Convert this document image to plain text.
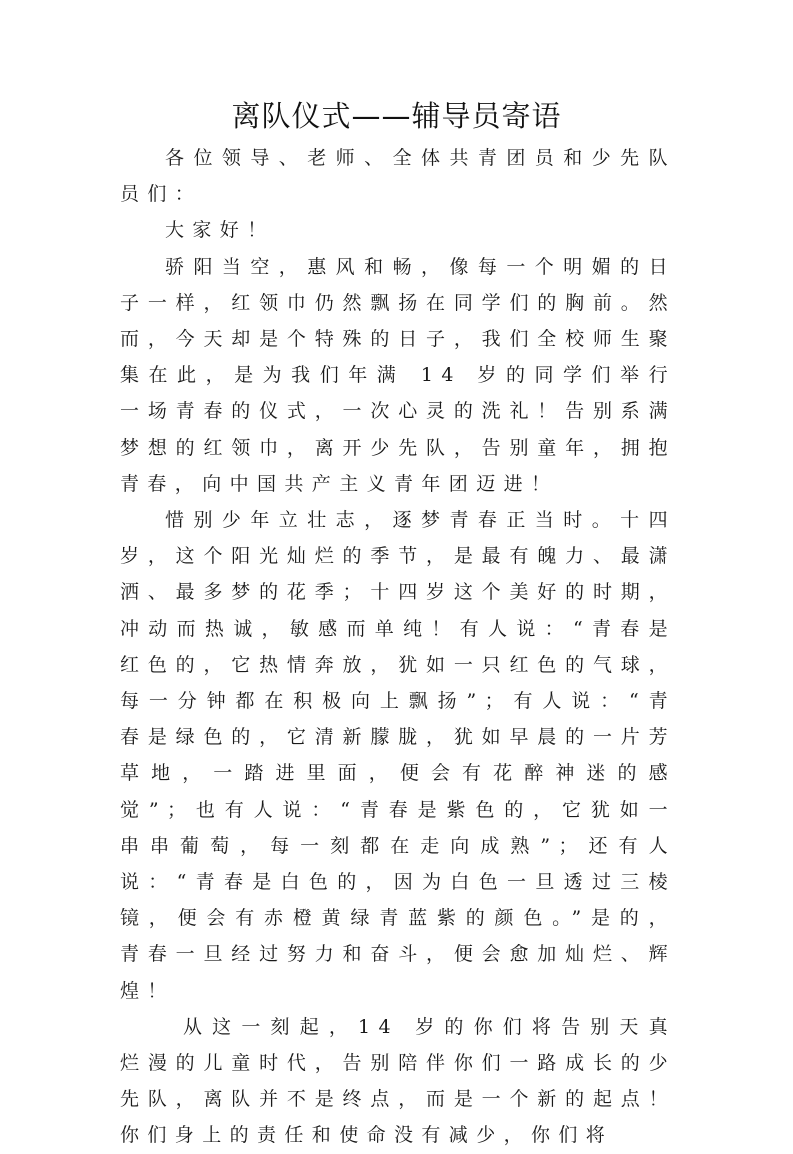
离队仪式——辅导员寄语

各位领导、老师、全体共青团员和少先队员们：

大家好！

骄阳当空，惠风和畅，像每一个明媚的日子一样，红领巾仍然飘扬在同学们的胸前。然而，今天却是个特殊的日子，我们全校师生聚集在此，是为我们年满 14 岁的同学们举行一场青春的仪式，一次心灵的洗礼！告别系满梦想的红领巾，离开少先队，告别童年，拥抱青春，向中国共产主义青年团迈进！

惜别少年立壮志，逐梦青春正当时。十四岁，这个阳光灿烂的季节，是最有魄力、最潇洒、最多梦的花季；十四岁这个美好的时期，冲动而热诚，敏感而单纯！有人说：“青春是红色的，它热情奔放，犹如一只红色的气球，每一分钟都在积极向上飘扬”；有人说：“青春是绿色的，它清新朦胧，犹如早晨的一片芳草地，一踏进里面，便会有花醉神迷的感觉”；也有人说：“青春是紫色的，它犹如一串串葡萄，每一刻都在走向成熟”；还有人说：“青春是白色的，因为白色一旦透过三棱镜，便会有赤橙黄绿青蓝紫的颜色。”是的，青春一旦经过努力和奋斗，便会愈加灿烂、辉煌！

从这一刻起，14 岁的你们将告别天真烂漫的儿童时代，告别陪伴你们一路成长的少先队，离队并不是终点，而是一个新的起点！你们身上的责任和使命没有减少，你们将
